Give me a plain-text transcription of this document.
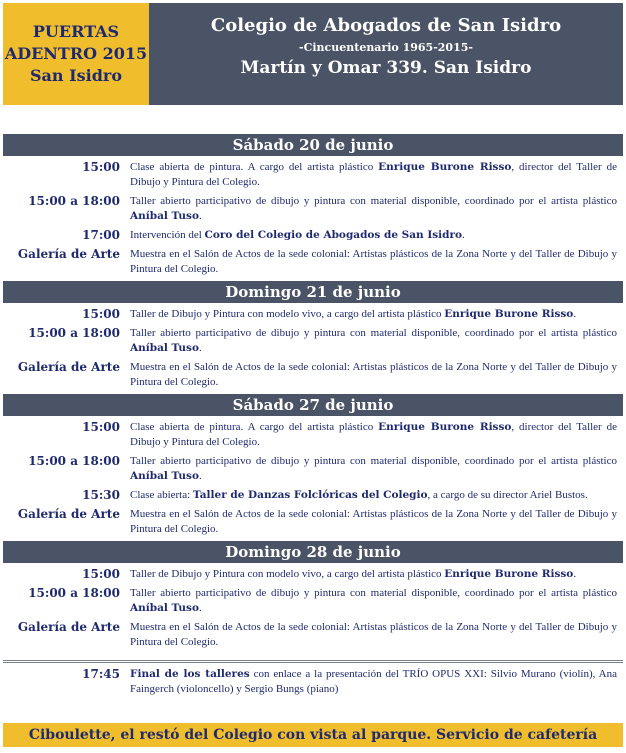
PUERTAS
ADENTRO 2015
San Isidro
Colegio de Abogados de San Isidro
-Cincuentenario 1965-2015-
Martín y Omar 339. San Isidro
Sábado 20 de junio
15:00 Clase abierta de pintura. A cargo del artista plástico Enrique Burone Risso, director del Taller de Dibujo y Pintura del Colegio.
15:00 a 18:00 Taller abierto participativo de dibujo y pintura con material disponible, coordinado por el artista plástico Aníbal Tuso.
17:00 Intervención del Coro del Colegio de Abogados de San Isidro.
Galería de Arte Muestra en el Salón de Actos de la sede colonial: Artistas plásticos de la Zona Norte y del Taller de Dibujo y Pintura del Colegio.
Domingo 21 de junio
15:00 Taller de Dibujo y Pintura con modelo vivo, a cargo del artista plástico Enrique Burone Risso.
15:00 a 18:00 Taller abierto participativo de dibujo y pintura con material disponible, coordinado por el artista plástico Aníbal Tuso.
Galería de Arte Muestra en el Salón de Actos de la sede colonial: Artistas plásticos de la Zona Norte y del Taller de Dibujo y Pintura del Colegio.
Sábado 27 de junio
15:00 Clase abierta de pintura. A cargo del artista plástico Enrique Burone Risso, director del Taller de Dibujo y Pintura del Colegio.
15:00 a 18:00 Taller abierto participativo de dibujo y pintura con material disponible, coordinado por el artista plástico Aníbal Tuso.
15:30 Clase abierta: Taller de Danzas Folclóricas del Colegio, a cargo de su director Ariel Bustos.
Galería de Arte Muestra en el Salón de Actos de la sede colonial: Artistas plásticos de la Zona Norte y del Taller de Dibujo y Pintura del Colegio.
Domingo 28 de junio
15:00 Taller de Dibujo y Pintura con modelo vivo, a cargo del artista plástico Enrique Burone Risso.
15:00 a 18:00 Taller abierto participativo de dibujo y pintura con material disponible, coordinado por el artista plástico Aníbal Tuso.
Galería de Arte Muestra en el Salón de Actos de la sede colonial: Artistas plásticos de la Zona Norte y del Taller de Dibujo y Pintura del Colegio.
17:45 Final de los talleres con enlace a la presentación del TRÍO OPUS XXI: Silvio Murano (violín), Ana Faingerch (violoncello) y Sergio Bungs (piano)
Ciboulette, el restó del Colegio con vista al parque. Servicio de cafetería
